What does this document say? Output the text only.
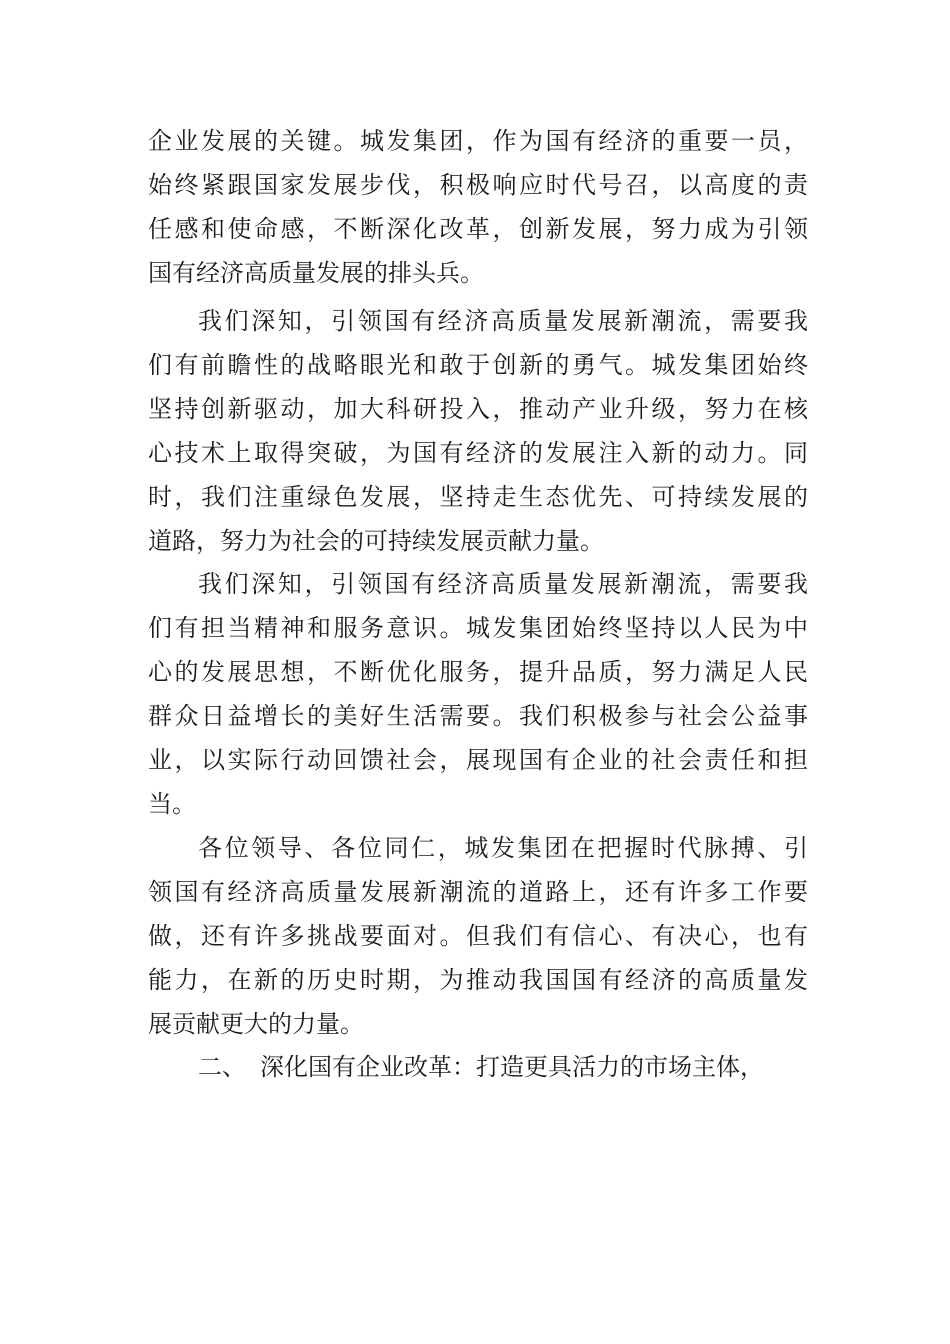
企业发展的关键。城发集团，作为国有经济的重要一员，
始终紧跟国家发展步伐，积极响应时代号召，以高度的责
任感和使命感，不断深化改革，创新发展，努力成为引领
国有经济高质量发展的排头兵。

我们深知，引领国有经济高质量发展新潮流，需要我
们有前瞻性的战略眼光和敢于创新的勇气。城发集团始终
坚持创新驱动，加大科研投入，推动产业升级，努力在核
心技术上取得突破，为国有经济的发展注入新的动力。同
时，我们注重绿色发展，坚持走生态优先、可持续发展的
道路，努力为社会的可持续发展贡献力量。

我们深知，引领国有经济高质量发展新潮流，需要我
们有担当精神和服务意识。城发集团始终坚持以人民为中
心的发展思想，不断优化服务，提升品质，努力满足人民
群众日益增长的美好生活需要。我们积极参与社会公益事
业，以实际行动回馈社会，展现国有企业的社会责任和担
当。

各位领导、各位同仁，城发集团在把握时代脉搏、引
领国有经济高质量发展新潮流的道路上，还有许多工作要
做，还有许多挑战要面对。但我们有信心、有决心，也有
能力，在新的历史时期，为推动我国国有经济的高质量发
展贡献更大的力量。

二、 深化国有企业改革：打造更具活力的市场主体，
